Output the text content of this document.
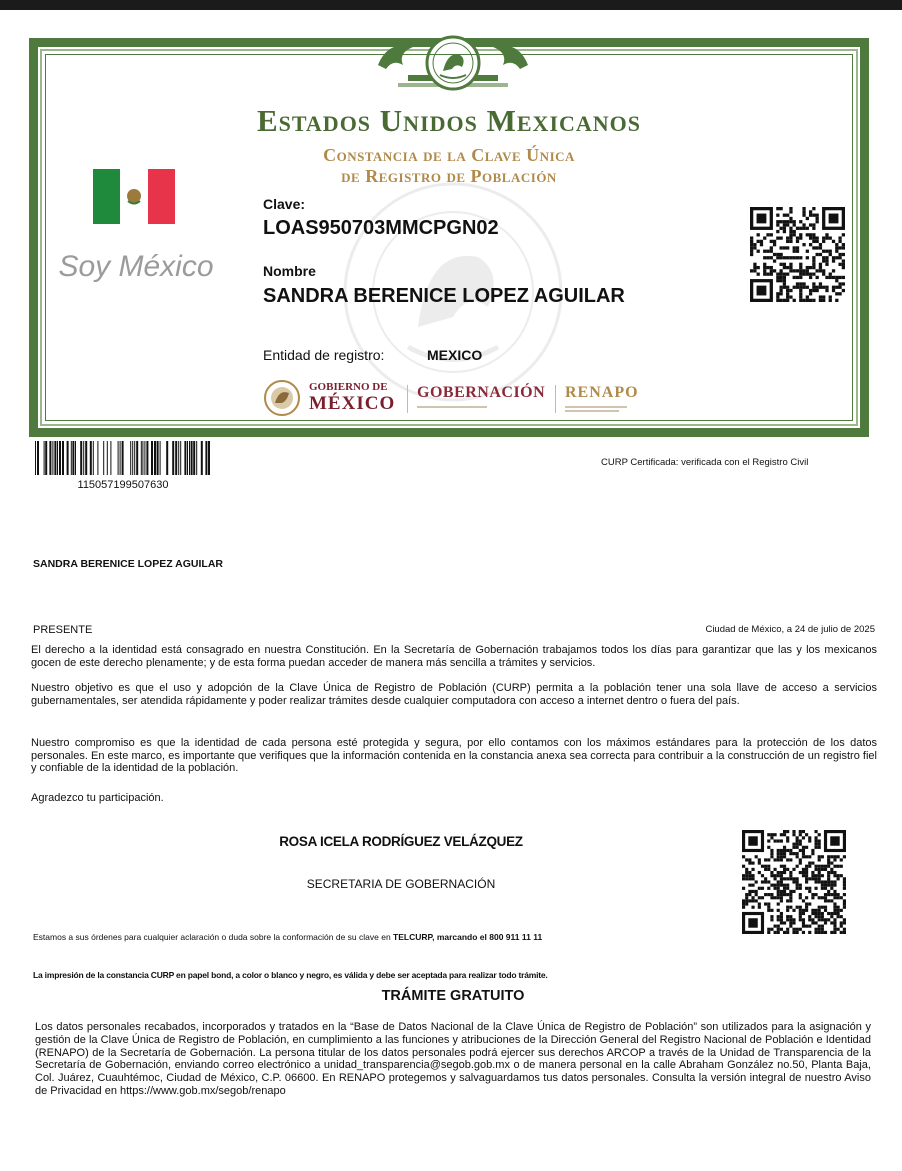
Estados Unidos Mexicanos
Constancia de la Clave Única
de Registro de Población
Soy México
Clave:
LOAS950703MMCPGN02
Nombre
SANDRA BERENICE LOPEZ AGUILAR
Entidad de registro:	MEXICO
GOBIERNO DE
MÉXICO
GOBERNACIÓN RENAPO
115057199507630
CURP Certificada: verificada con el Registro Civil
SANDRA BERENICE LOPEZ AGUILAR
PRESENTE	Ciudad de México, a 24 de julio de 2025
El derecho a la identidad está consagrado en nuestra Constitución. En la Secretaría de Gobernación trabajamos todos los días para garantizar que las y los mexicanos gocen de este derecho plenamente; y de esta forma puedan acceder de manera más sencilla a trámites y servicios.
Nuestro objetivo es que el uso y adopción de la Clave Única de Registro de Población (CURP) permita a la población tener una sola llave de acceso a servicios gubernamentales, ser atendida rápidamente y poder realizar trámites desde cualquier computadora con acceso a internet dentro o fuera del país.
Nuestro compromiso es que la identidad de cada persona esté protegida y segura, por ello contamos con los máximos estándares para la protección de los datos personales. En este marco, es importante que verifiques que la información contenida en la constancia anexa sea correcta para contribuir a la construcción de un registro fiel y confiable de la identidad de la población.
Agradezco tu participación.
ROSA ICELA RODRÍGUEZ VELÁZQUEZ
SECRETARIA DE GOBERNACIÓN
Estamos a sus órdenes para cualquier aclaración o duda sobre la conformación de su clave en TELCURP, marcando el 800 911 11 11
La impresión de la constancia CURP en papel bond, a color o blanco y negro, es válida y debe ser aceptada para realizar todo trámite.
TRÁMITE GRATUITO
Los datos personales recabados, incorporados y tratados en la “Base de Datos Nacional de la Clave Única de Registro de Población” son utilizados para la asignación y gestión de la Clave Única de Registro de Población, en cumplimiento a las funciones y atribuciones de la Dirección General del Registro Nacional de Población e Identidad (RENAPO) de la Secretaría de Gobernación. La persona titular de los datos personales podrá ejercer sus derechos ARCOP a través de la Unidad de Transparencia de la Secretaría de Gobernación, enviando correo electrónico a unidad_transparencia@segob.gob.mx o de manera personal en la calle Abraham González no.50, Planta Baja, Col. Juárez, Cuauhtémoc, Ciudad de México, C.P. 06600. En RENAPO protegemos y salvaguardamos tus datos personales. Consulta la versión integral de nuestro Aviso de Privacidad en https://www.gob.mx/segob/renapo
